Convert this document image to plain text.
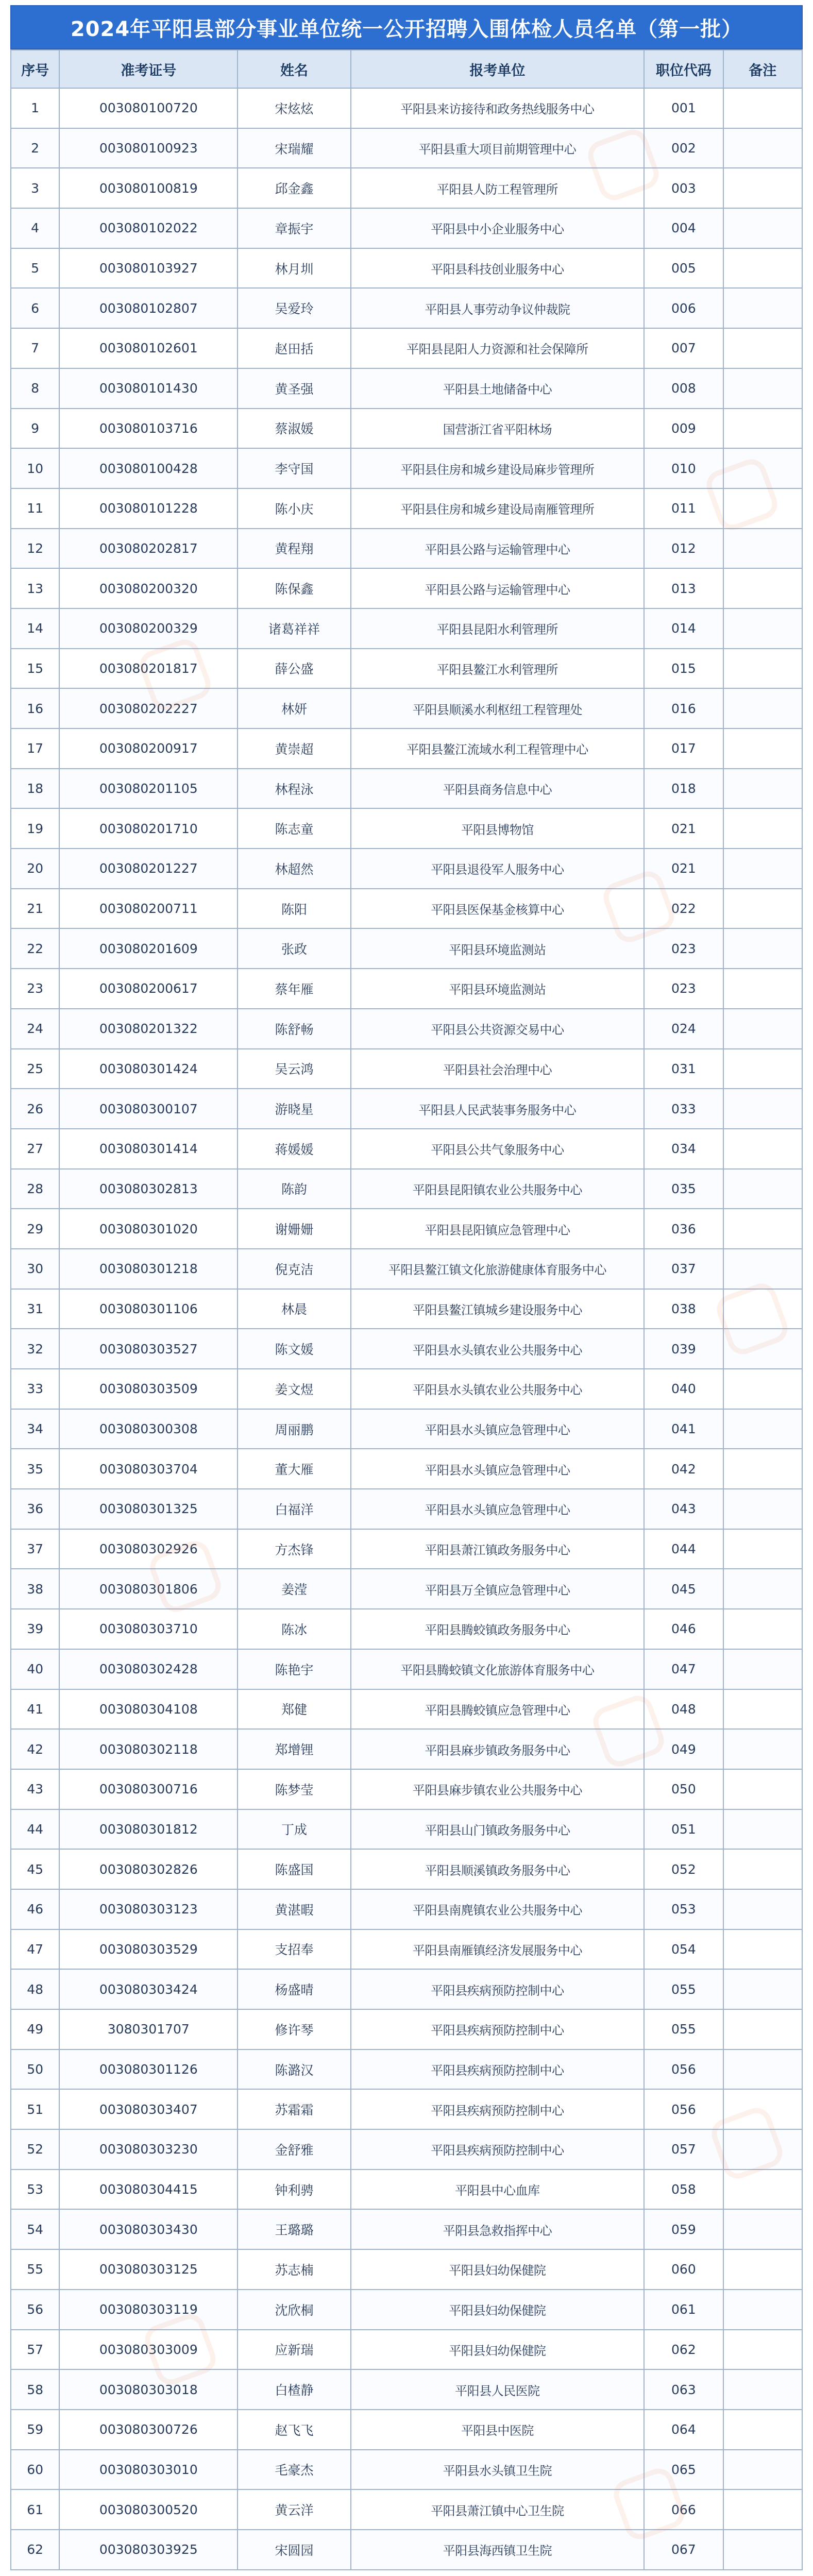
2024年平阳县部分事业单位统一公开招聘入围体检人员名单（第一批）
序号	准考证号	姓名	报考单位	职位代码	备注
1	003080100720	宋炫炫	平阳县来访接待和政务热线服务中心	001	
2	003080100923	宋瑞耀	平阳县重大项目前期管理中心	002	
3	003080100819	邱金鑫	平阳县人防工程管理所	003	
4	003080102022	章振宇	平阳县中小企业服务中心	004	
5	003080103927	林月圳	平阳县科技创业服务中心	005	
6	003080102807	吴爱玲	平阳县人事劳动争议仲裁院	006	
7	003080102601	赵田括	平阳县昆阳人力资源和社会保障所	007	
8	003080101430	黄圣强	平阳县土地储备中心	008	
9	003080103716	蔡淑媛	国营浙江省平阳林场	009	
10	003080100428	李守国	平阳县住房和城乡建设局麻步管理所	010	
11	003080101228	陈小庆	平阳县住房和城乡建设局南雁管理所	011	
12	003080202817	黄程翔	平阳县公路与运输管理中心	012	
13	003080200320	陈保鑫	平阳县公路与运输管理中心	013	
14	003080200329	诸葛祥祥	平阳县昆阳水利管理所	014	
15	003080201817	薛公盛	平阳县鳌江水利管理所	015	
16	003080202227	林妍	平阳县顺溪水利枢纽工程管理处	016	
17	003080200917	黄崇超	平阳县鳌江流域水利工程管理中心	017	
18	003080201105	林程泳	平阳县商务信息中心	018	
19	003080201710	陈志童	平阳县博物馆	021	
20	003080201227	林超然	平阳县退役军人服务中心	021	
21	003080200711	陈阳	平阳县医保基金核算中心	022	
22	003080201609	张政	平阳县环境监测站	023	
23	003080200617	蔡年雁	平阳县环境监测站	023	
24	003080201322	陈舒畅	平阳县公共资源交易中心	024	
25	003080301424	吴云鸿	平阳县社会治理中心	031	
26	003080300107	游晓星	平阳县人民武装事务服务中心	033	
27	003080301414	蒋媛媛	平阳县公共气象服务中心	034	
28	003080302813	陈韵	平阳县昆阳镇农业公共服务中心	035	
29	003080301020	谢姗姗	平阳县昆阳镇应急管理中心	036	
30	003080301218	倪克洁	平阳县鳌江镇文化旅游健康体育服务中心	037	
31	003080301106	林晨	平阳县鳌江镇城乡建设服务中心	038	
32	003080303527	陈文媛	平阳县水头镇农业公共服务中心	039	
33	003080303509	姜文煜	平阳县水头镇农业公共服务中心	040	
34	003080300308	周丽鹏	平阳县水头镇应急管理中心	041	
35	003080303704	董大雁	平阳县水头镇应急管理中心	042	
36	003080301325	白福洋	平阳县水头镇应急管理中心	043	
37	003080302926	方杰锋	平阳县萧江镇政务服务中心	044	
38	003080301806	姜滢	平阳县万全镇应急管理中心	045	
39	003080303710	陈冰	平阳县腾蛟镇政务服务中心	046	
40	003080302428	陈艳宇	平阳县腾蛟镇文化旅游体育服务中心	047	
41	003080304108	郑健	平阳县腾蛟镇应急管理中心	048	
42	003080302118	郑增锂	平阳县麻步镇政务服务中心	049	
43	003080300716	陈梦莹	平阳县麻步镇农业公共服务中心	050	
44	003080301812	丁成	平阳县山门镇政务服务中心	051	
45	003080302826	陈盛国	平阳县顺溪镇政务服务中心	052	
46	003080303123	黄湛暇	平阳县南麂镇农业公共服务中心	053	
47	003080303529	支招奉	平阳县南雁镇经济发展服务中心	054	
48	003080303424	杨盛晴	平阳县疾病预防控制中心	055	
49	3080301707	修许琴	平阳县疾病预防控制中心	055	
50	003080301126	陈潞汉	平阳县疾病预防控制中心	056	
51	003080303407	苏霜霜	平阳县疾病预防控制中心	056	
52	003080303230	金舒雅	平阳县疾病预防控制中心	057	
53	003080304415	钟利骋	平阳县中心血库	058	
54	003080303430	王璐璐	平阳县急救指挥中心	059	
55	003080303125	苏志楠	平阳县妇幼保健院	060	
56	003080303119	沈欣桐	平阳县妇幼保健院	061	
57	003080303009	应新瑞	平阳县妇幼保健院	062	
58	003080303018	白楂静	平阳县人民医院	063	
59	003080300726	赵飞飞	平阳县中医院	064	
60	003080303010	毛豪杰	平阳县水头镇卫生院	065	
61	003080300520	黄云洋	平阳县萧江镇中心卫生院	066	
62	003080303925	宋圆园	平阳县海西镇卫生院	067	
